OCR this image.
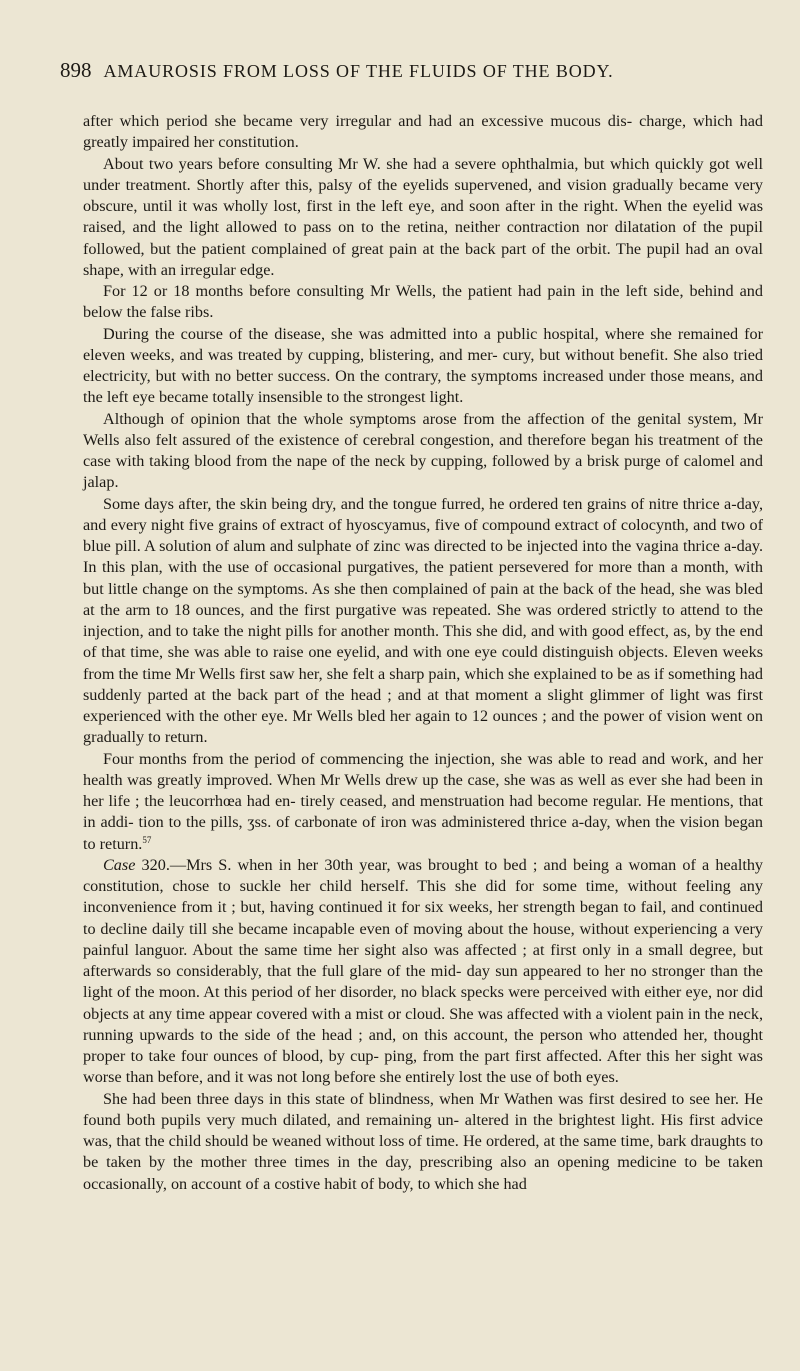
898 AMAUROSIS FROM LOSS OF THE FLUIDS OF THE BODY.

after which period she became very irregular and had an excessive mucous dis- charge, which had greatly impaired her constitution.

About two years before consulting Mr W. she had a severe ophthalmia, but which quickly got well under treatment. Shortly after this, palsy of the eyelids supervened, and vision gradually became very obscure, until it was wholly lost, first in the left eye, and soon after in the right. When the eyelid was raised, and the light allowed to pass on to the retina, neither contraction nor dilatation of the pupil followed, but the patient complained of great pain at the back part of the orbit. The pupil had an oval shape, with an irregular edge.

For 12 or 18 months before consulting Mr Wells, the patient had pain in the left side, behind and below the false ribs.

During the course of the disease, she was admitted into a public hospital, where she remained for eleven weeks, and was treated by cupping, blistering, and mer- cury, but without benefit. She also tried electricity, but with no better success. On the contrary, the symptoms increased under those means, and the left eye became totally insensible to the strongest light.

Although of opinion that the whole symptoms arose from the affection of the genital system, Mr Wells also felt assured of the existence of cerebral congestion, and therefore began his treatment of the case with taking blood from the nape of the neck by cupping, followed by a brisk purge of calomel and jalap.

Some days after, the skin being dry, and the tongue furred, he ordered ten grains of nitre thrice a-day, and every night five grains of extract of hyoscyamus, five of compound extract of colocynth, and two of blue pill. A solution of alum and sulphate of zinc was directed to be injected into the vagina thrice a-day. In this plan, with the use of occasional purgatives, the patient persevered for more than a month, with but little change on the symptoms. As she then complained of pain at the back of the head, she was bled at the arm to 18 ounces, and the first purgative was repeated. She was ordered strictly to attend to the injection, and to take the night pills for another month. This she did, and with good effect, as, by the end of that time, she was able to raise one eyelid, and with one eye could distinguish objects. Eleven weeks from the time Mr Wells first saw her, she felt a sharp pain, which she explained to be as if something had suddenly parted at the back part of the head ; and at that moment a slight glimmer of light was first experienced with the other eye. Mr Wells bled her again to 12 ounces ; and the power of vision went on gradually to return.

Four months from the period of commencing the injection, she was able to read and work, and her health was greatly improved. When Mr Wells drew up the case, she was as well as ever she had been in her life ; the leucorrhœa had en- tirely ceased, and menstruation had become regular. He mentions, that in addi- tion to the pills, ʒss. of carbonate of iron was administered thrice a-day, when the vision began to return.$^{57}$

Case 320.—Mrs S. when in her 30th year, was brought to bed ; and being a woman of a healthy constitution, chose to suckle her child herself. This she did for some time, without feeling any inconvenience from it ; but, having continued it for six weeks, her strength began to fail, and continued to decline daily till she became incapable even of moving about the house, without experiencing a very painful languor. About the same time her sight also was affected ; at first only in a small degree, but afterwards so considerably, that the full glare of the mid- day sun appeared to her no stronger than the light of the moon. At this period of her disorder, no black specks were perceived with either eye, nor did objects at any time appear covered with a mist or cloud. She was affected with a violent pain in the neck, running upwards to the side of the head ; and, on this account, the person who attended her, thought proper to take four ounces of blood, by cup- ping, from the part first affected. After this her sight was worse than before, and it was not long before she entirely lost the use of both eyes.

She had been three days in this state of blindness, when Mr Wathen was first desired to see her. He found both pupils very much dilated, and remaining un- altered in the brightest light. His first advice was, that the child should be weaned without loss of time. He ordered, at the same time, bark draughts to be taken by the mother three times in the day, prescribing also an opening medicine to be taken occasionally, on account of a costive habit of body, to which she had
